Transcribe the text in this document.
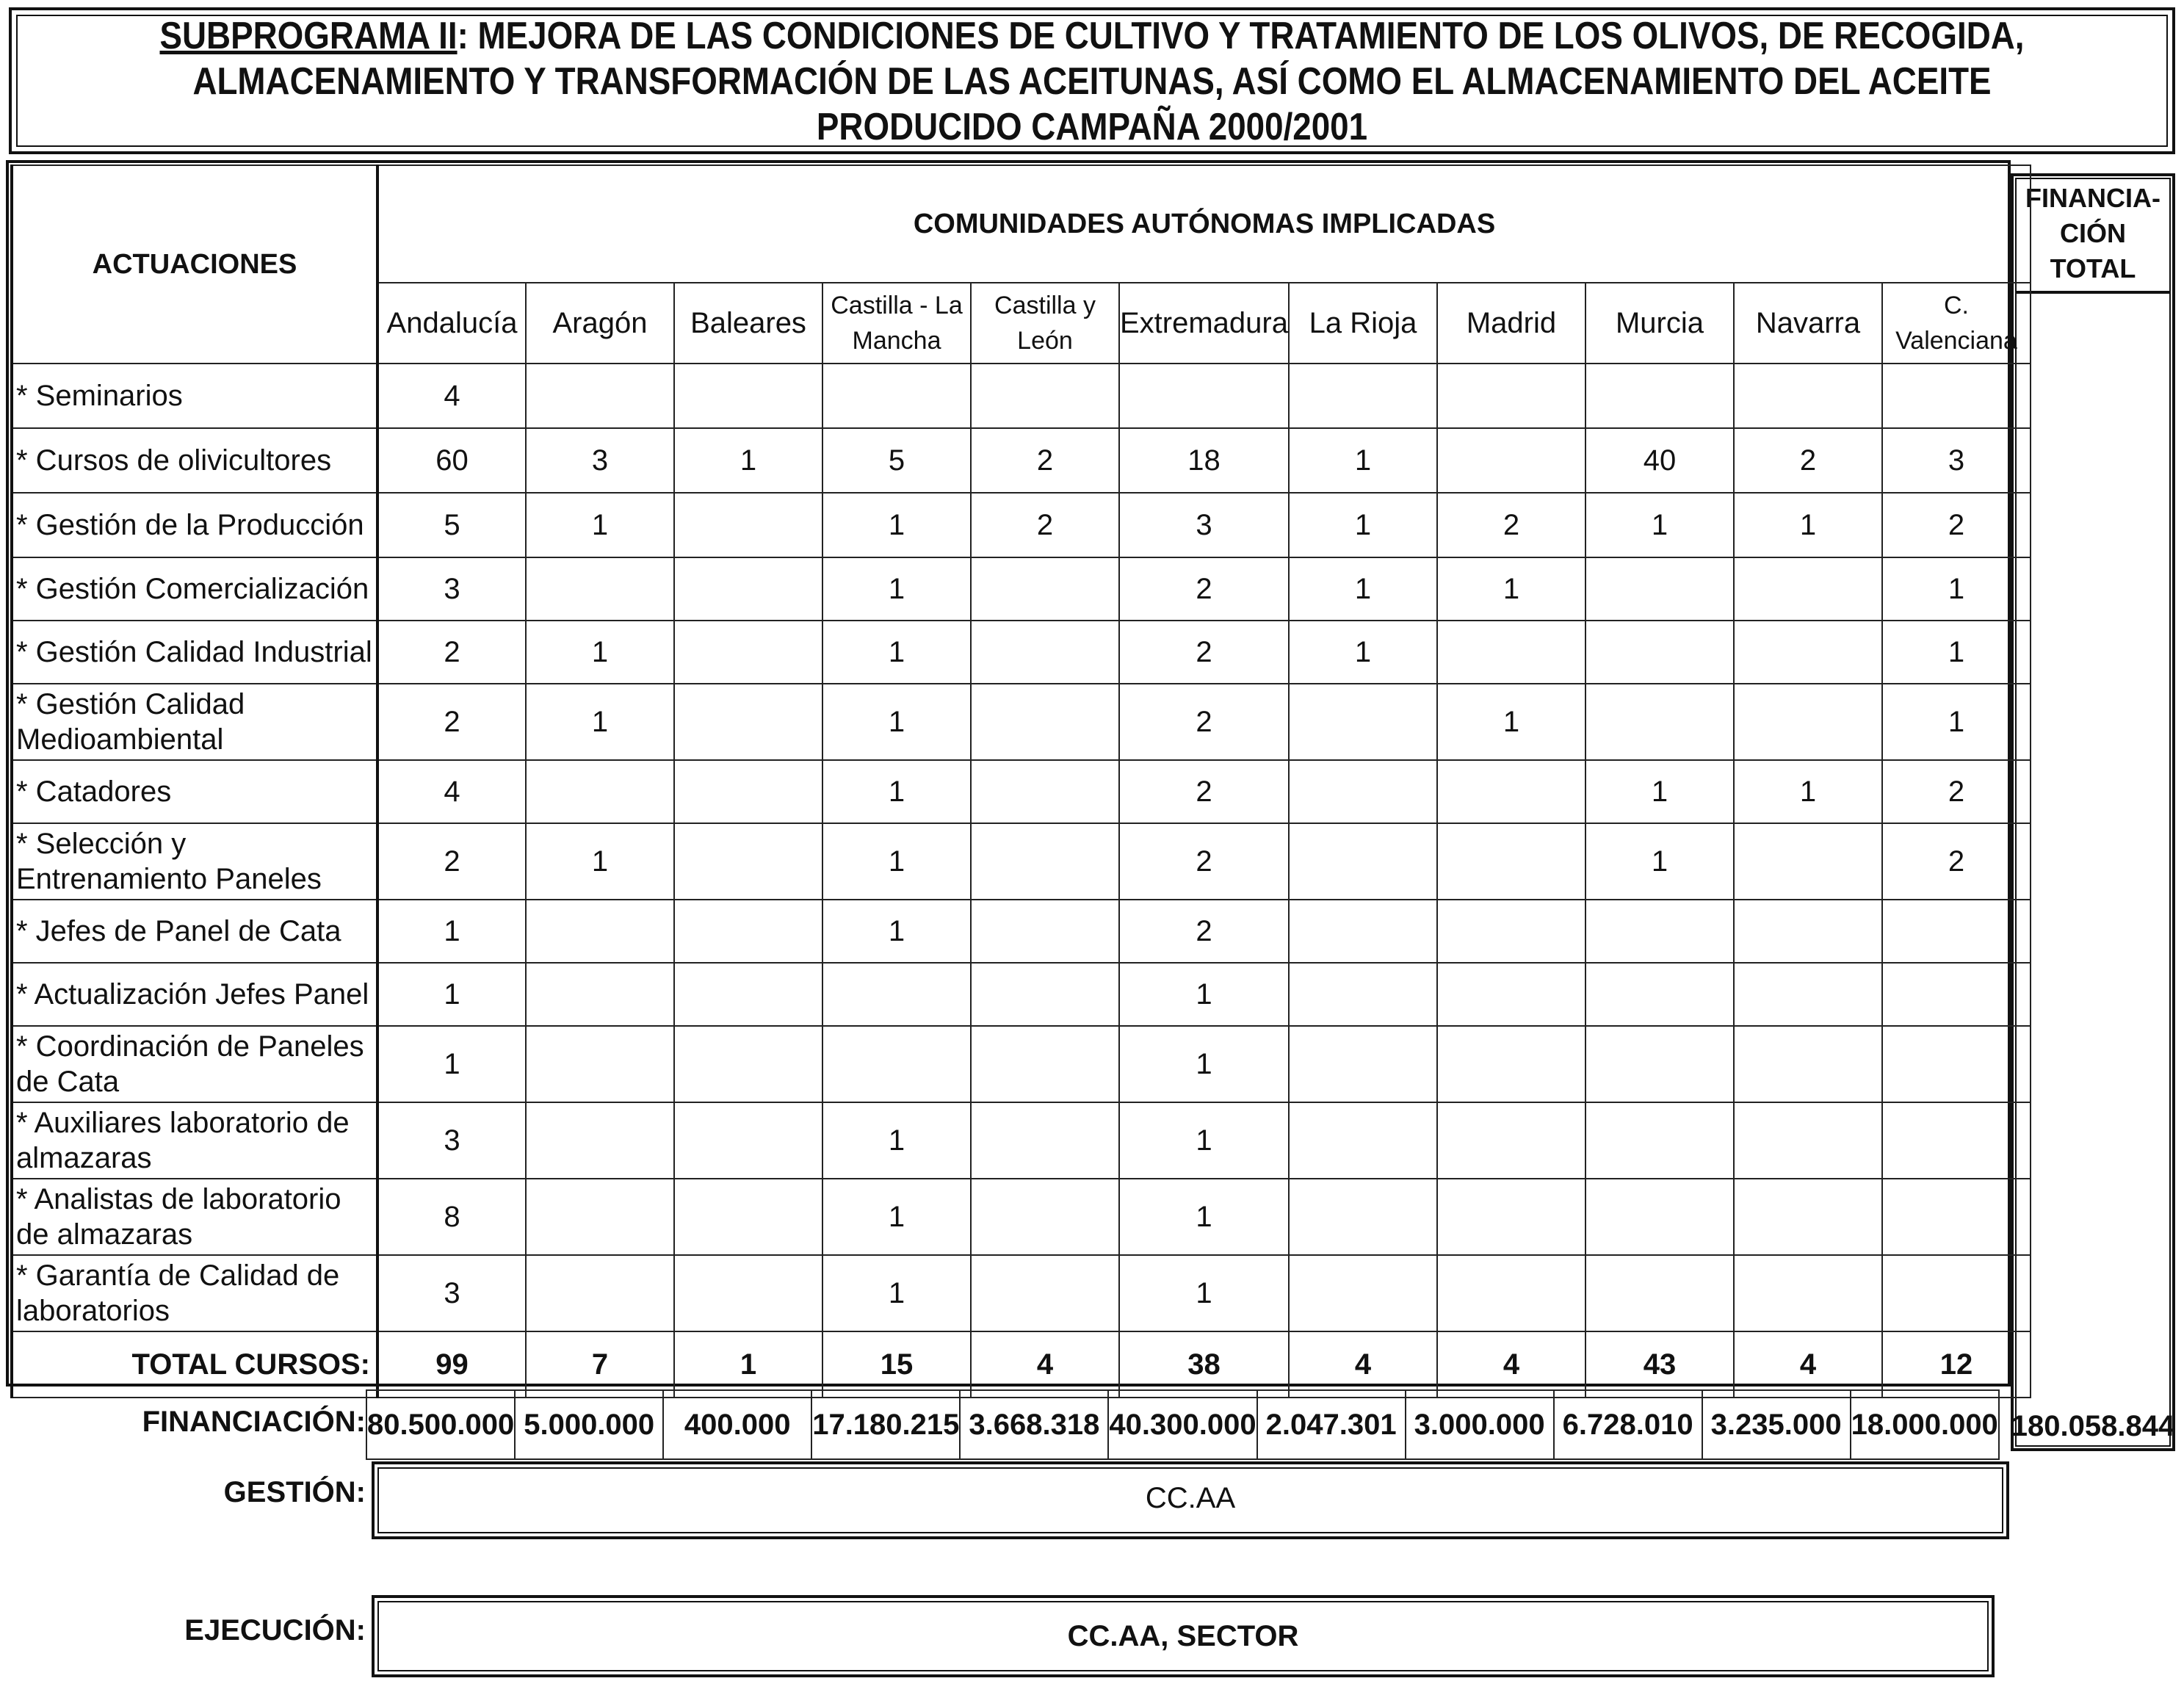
SUBPROGRAMA II: MEJORA DE LAS CONDICIONES DE CULTIVO Y TRATAMIENTO DE LOS OLIVOS, DE RECOGIDA, ALMACENAMIENTO Y TRANSFORMACIÓN DE LAS ACEITUNAS, ASÍ COMO EL ALMACENAMIENTO DEL ACEITE PRODUCIDO CAMPAÑA 2000/2001
FINANCIA-CIÓN TOTAL
ACTUACIONES	COMUNIDADES AUTÓNOMAS IMPLICADAS										
	Andalucía	Aragón	Baleares	Castilla - La Mancha	Castilla y León	Extremadura	La Rioja	Madrid	Murcia	Navarra	C. Valenciana
* Seminarios	4										
* Cursos de olivicultores	60	3	1	5	2	18	1		40	2	3
* Gestión de la Producción	5	1		1	2	3	1	2	1	1	2
* Gestión Comercialización	3			1		2	1	1			1
* Gestión Calidad Industrial	2	1		1		2	1				1
* Gestión Calidad Medioambiental	2	1		1		2		1			1
* Catadores	4			1		2			1	1	2
* Selección y Entrenamiento Paneles	2	1		1		2			1		2
* Jefes de Panel de Cata	1			1		2					
* Actualización Jefes Panel	1					1					
* Coordinación de Paneles de Cata	1					1					
* Auxiliares laboratorio de almazaras	3			1		1					
* Analistas de laboratorio de almazaras	8			1		1					
* Garantía de Calidad de laboratorios	3			1		1					
TOTAL CURSOS:	99	7	1	15	4	38	4	4	43	4	12
FINANCIACIÓN: 80.500.000	5.000.000	400.000	17.180.215	3.668.318	40.300.000	2.047.301	3.000.000	6.728.010	3.235.000	18.000.000 180.058.844
GESTIÓN:	CC.AA
EJECUCIÓN:	CC.AA, SECTOR
